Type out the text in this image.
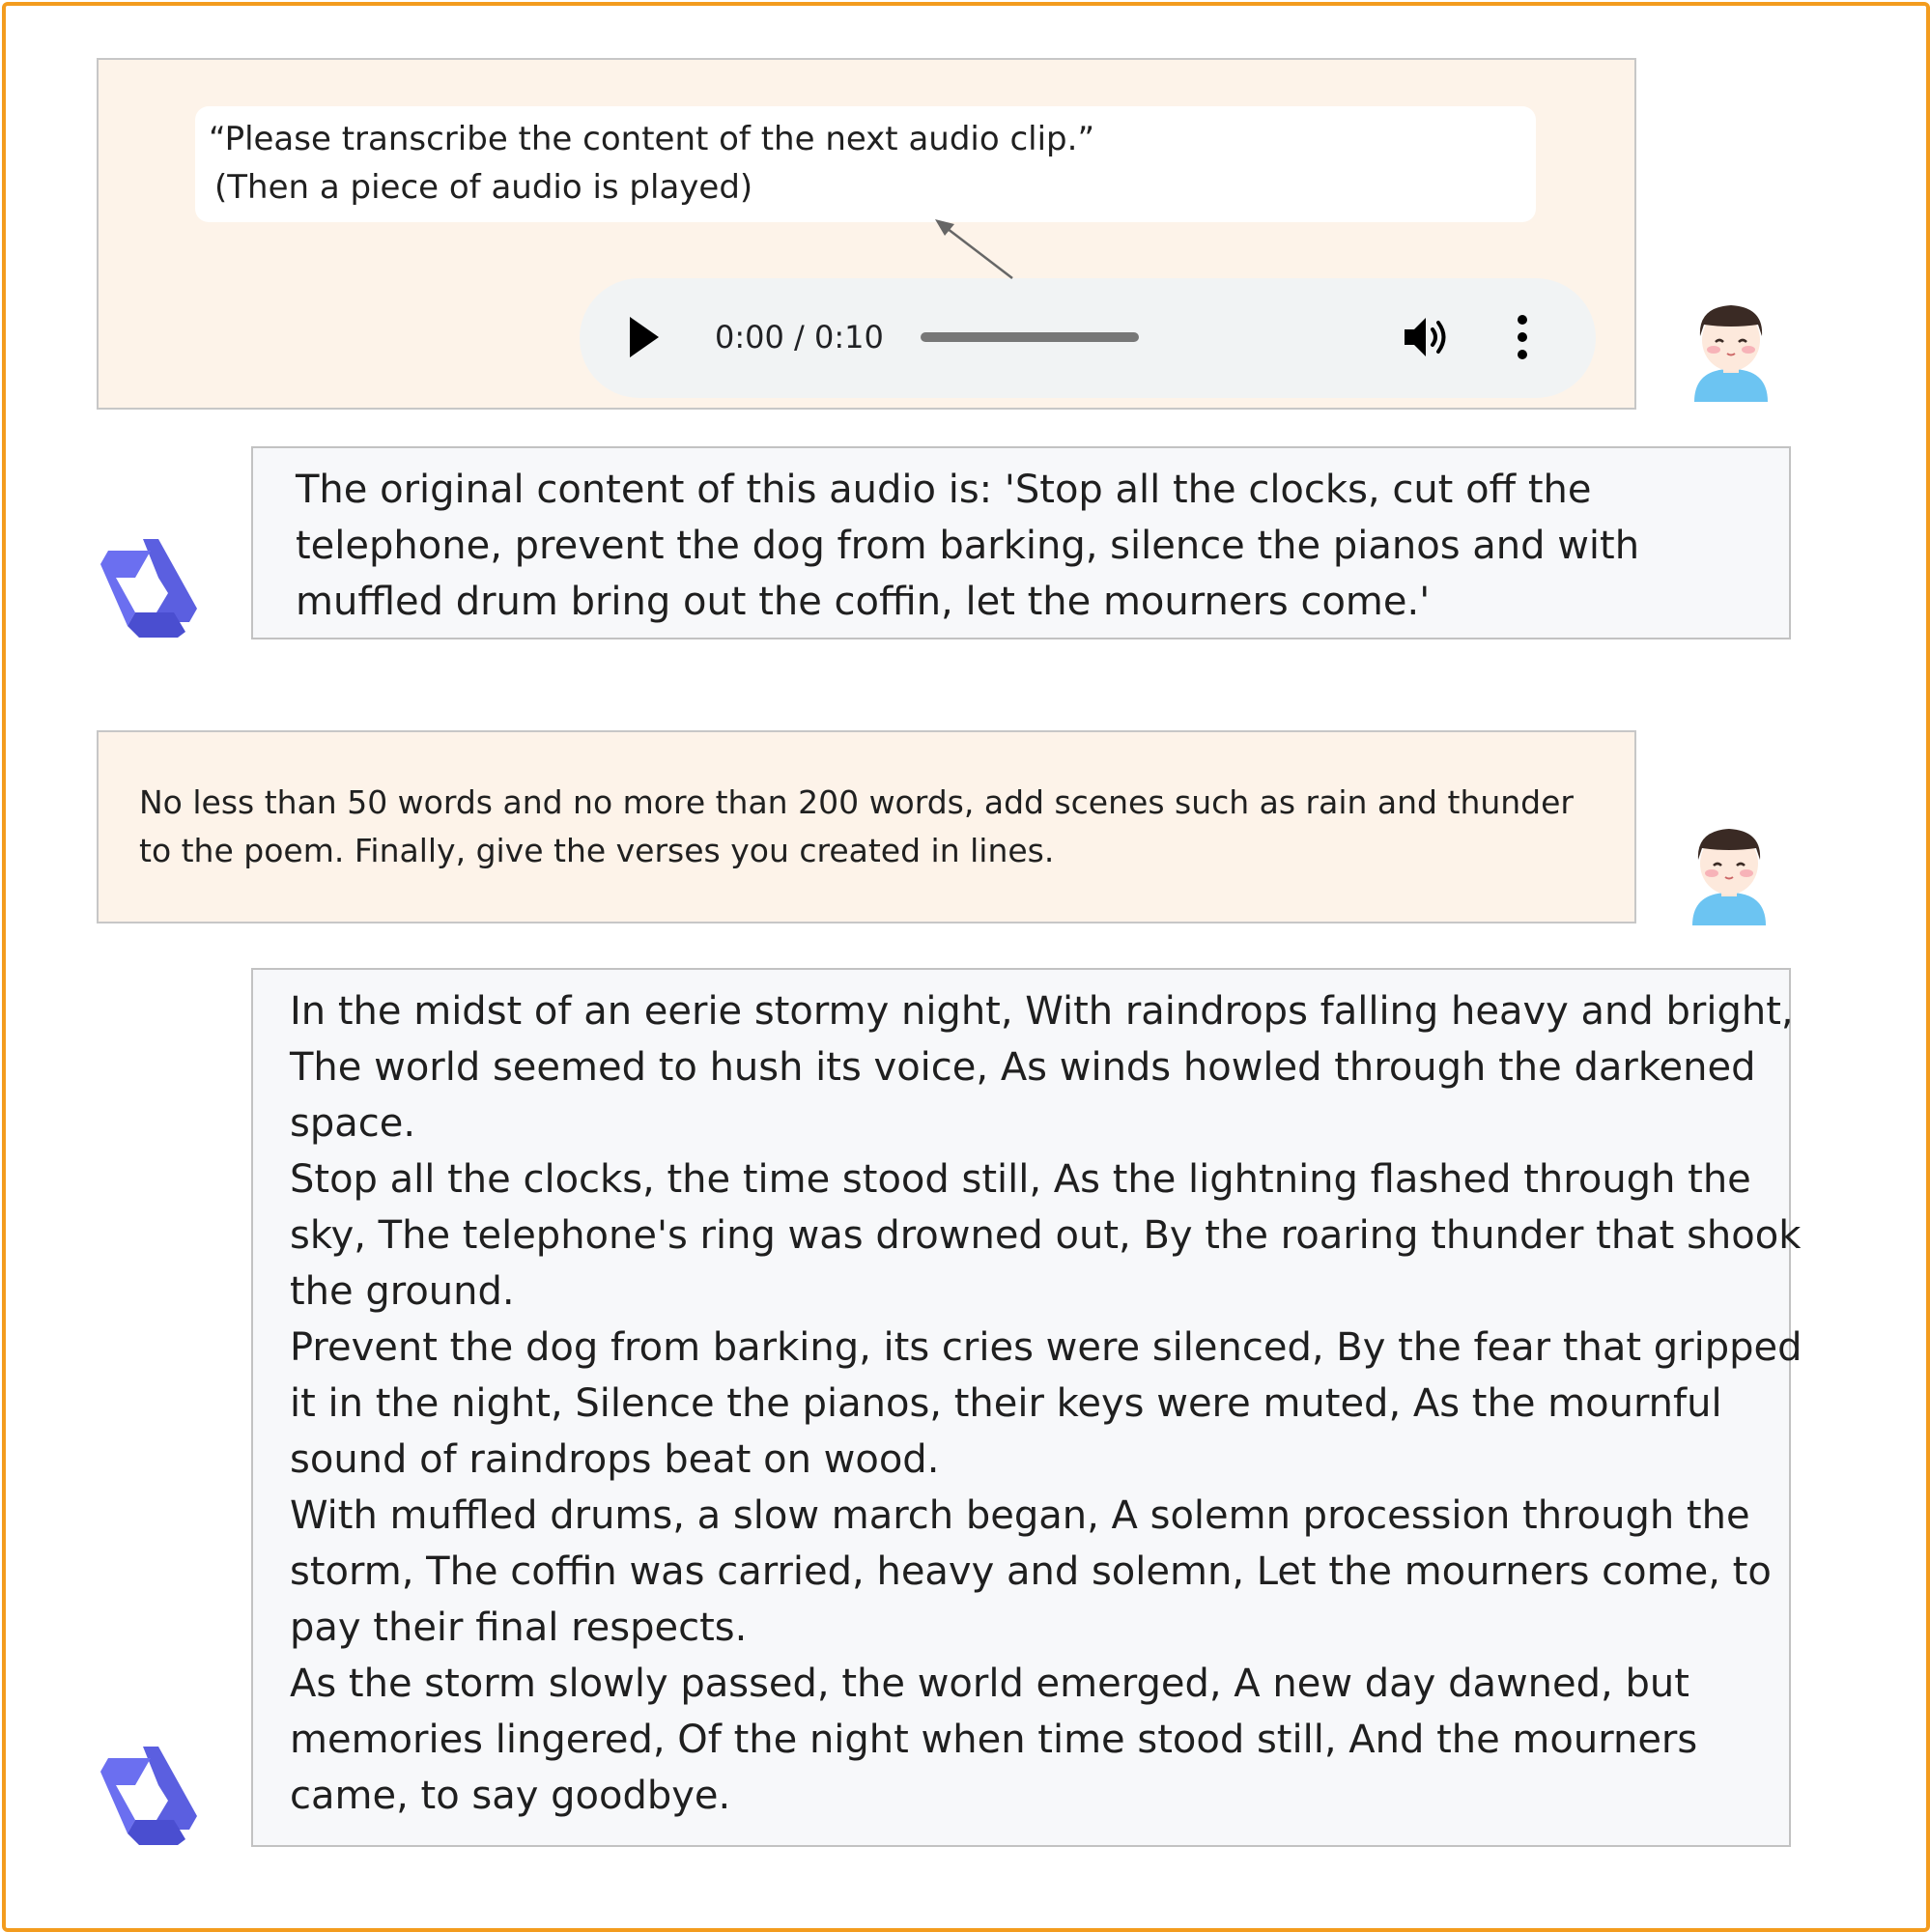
“Please transcribe the content of the next audio clip.”
(Then a piece of audio is played)
0:00 / 0:10
The original content of this audio is: 'Stop all the clocks, cut off the
telephone, prevent the dog from barking, silence the pianos and with
muffled drum bring out the coffin, let the mourners come.'
No less than 50 words and no more than 200 words, add scenes such as rain and thunder
to the poem. Finally, give the verses you created in lines.
In the midst of an eerie stormy night, With raindrops falling heavy and bright,
The world seemed to hush its voice, As winds howled through the darkened
space.
Stop all the clocks, the time stood still, As the lightning flashed through the
sky, The telephone's ring was drowned out, By the roaring thunder that shook
the ground.
Prevent the dog from barking, its cries were silenced, By the fear that gripped
it in the night, Silence the pianos, their keys were muted, As the mournful
sound of raindrops beat on wood.
With muffled drums, a slow march began, A solemn procession through the
storm, The coffin was carried, heavy and solemn, Let the mourners come, to
pay their final respects.
As the storm slowly passed, the world emerged, A new day dawned, but
memories lingered, Of the night when time stood still, And the mourners
came, to say goodbye.
